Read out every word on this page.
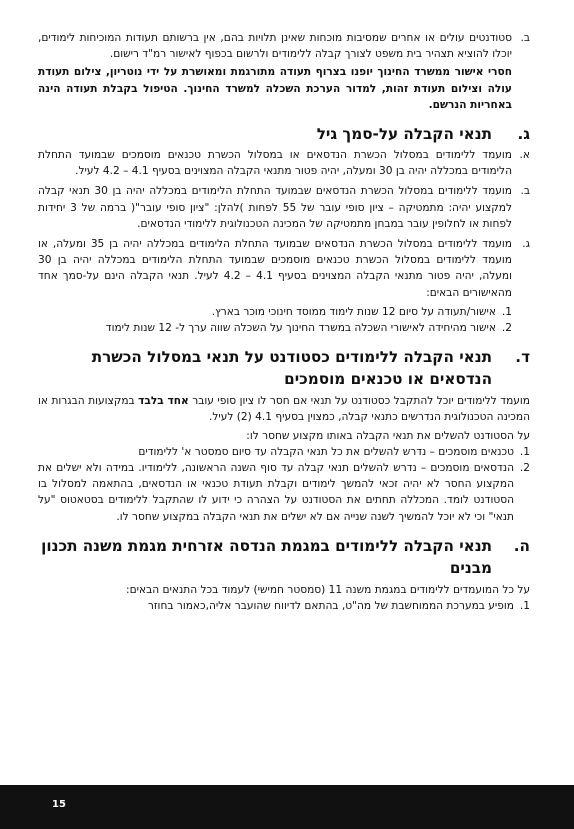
ב.

סטודנטים עולים או אחרים שמסיבות מוכחות שאינן תלויות בהם, אין ברשותם תעודות המוכיחות לימודים, יוכלו להוציא תצהיר בית משפט לצורך קבלה ללימודים ולרשום בכפוף לאישור רמ"ד רישום.

חסרי אישור ממשרד החינוך יופנו בצרוף תעודה מתורגמת ומאושרת על ידי נוטריון, צילום תעודת עולה וצילום תעודת זהות, למדור הערכת השכלה למשרד החינוך. הטיפול בקבלת תעודה הינה באחריות הנרשם.

ג.
תנאי הקבלה על-סמך גיל
א.

מועמד ללימודים במסלול הכשרת הנדסאים או במסלול הכשרת טכנאים מוסמכים שבמועד התחלת הלימודים במכללה יהיה בן 30 ומעלה, יהיה פטור מתנאי הקבלה המצוינים בסעיף 4.1 – 4.2 לעיל.

ב.

מועמד ללימודים במסלול הכשרת הנדסאים שבמועד התחלת הלימודים במכללה יהיה בן 30 תנאי קבלה למקצוע יהיה: מתמטיקה – ציון סופי עובר של 55 לפחות )להלן: "ציון סופי עובר"( ברמה של 3 יחידות לפחות או לחלופין עובר במבחן מתמטיקה של המכינה הטכנולוגית ללימודי הנדסאים.

ג.

מועמד ללימודים במסלול הכשרת הנדסאים שבמועד התחלת הלימודים במכללה יהיה בן 35 ומעלה, או מועמד ללימודים במסלול הכשרת טכנאים מוסמכים שבמועד התחלת הלימודים במכללה יהיה בן 30 ומעלה, יהיה פטור מתנאי הקבלה המצוינים בסעיף 4.1 – 4.2 לעיל. תנאי הקבלה הינם על-סמך אחד מהאישורים הבאים:

1.

אישור/תעודה על סיום 12 שנות לימוד ממוסד חינוכי מוכר בארץ.

2.

אישור מהיחידה לאישורי השכלה במשרד החינוך על השכלה שווה ערך ל- 12 שנות לימוד

ד.
תנאי הקבלה ללימודים כסטודנט על תנאי במסלול הכשרת הנדסאים או טכנאים מוסמכים

מועמד ללימודים יוכל להתקבל כסטודנט על תנאי אם חסר לו ציון סופי עובר אחד בלבד במקצועות הבגרות או המכינה הטכנולוגית הנדרשים כתנאי קבלה, כמצוין בסעיף 4.1 (2) לעיל.

על הסטודנט להשלים את תנאי הקבלה באותו מקצוע שחסר לו:

1.

טכנאים מוסמכים – נדרש להשלים את כל תנאי הקבלה עד סיום סמסטר א' ללימודים

2.

הנדסאים מוסמכים – נדרש להשלים תנאי קבלה עד סוף השנה הראשונה, ללימודיו. במידה ולא ישלים את המקצוע החסר לא יהיה זכאי להמשך לימודים וקבלת תעודת טכנאי או הנדסאים, בהתאמה למסלול בו הסטודנט לומד. המכללה תחתים את הסטודנט על הצהרה כי ידוע לו שהתקבל ללימודים בסטאטוס "על תנאי" וכי לא יוכל להמשיך לשנה שנייה אם לא ישלים את תנאי הקבלה במקצוע שחסר לו.

ה.
תנאי הקבלה ללימודים במגמת הנדסה אזרחית מגמת משנה תכנון מבנים

על כל המועמדים ללימודים במגמת משנה 11 (סמסטר חמישי) לעמוד בכל התנאים הבאים:

1.

מופיע במערכת הממוחשבת של מה"ט, בהתאם לדיווח שהועבר אליה,כאמור בחוזר

15
